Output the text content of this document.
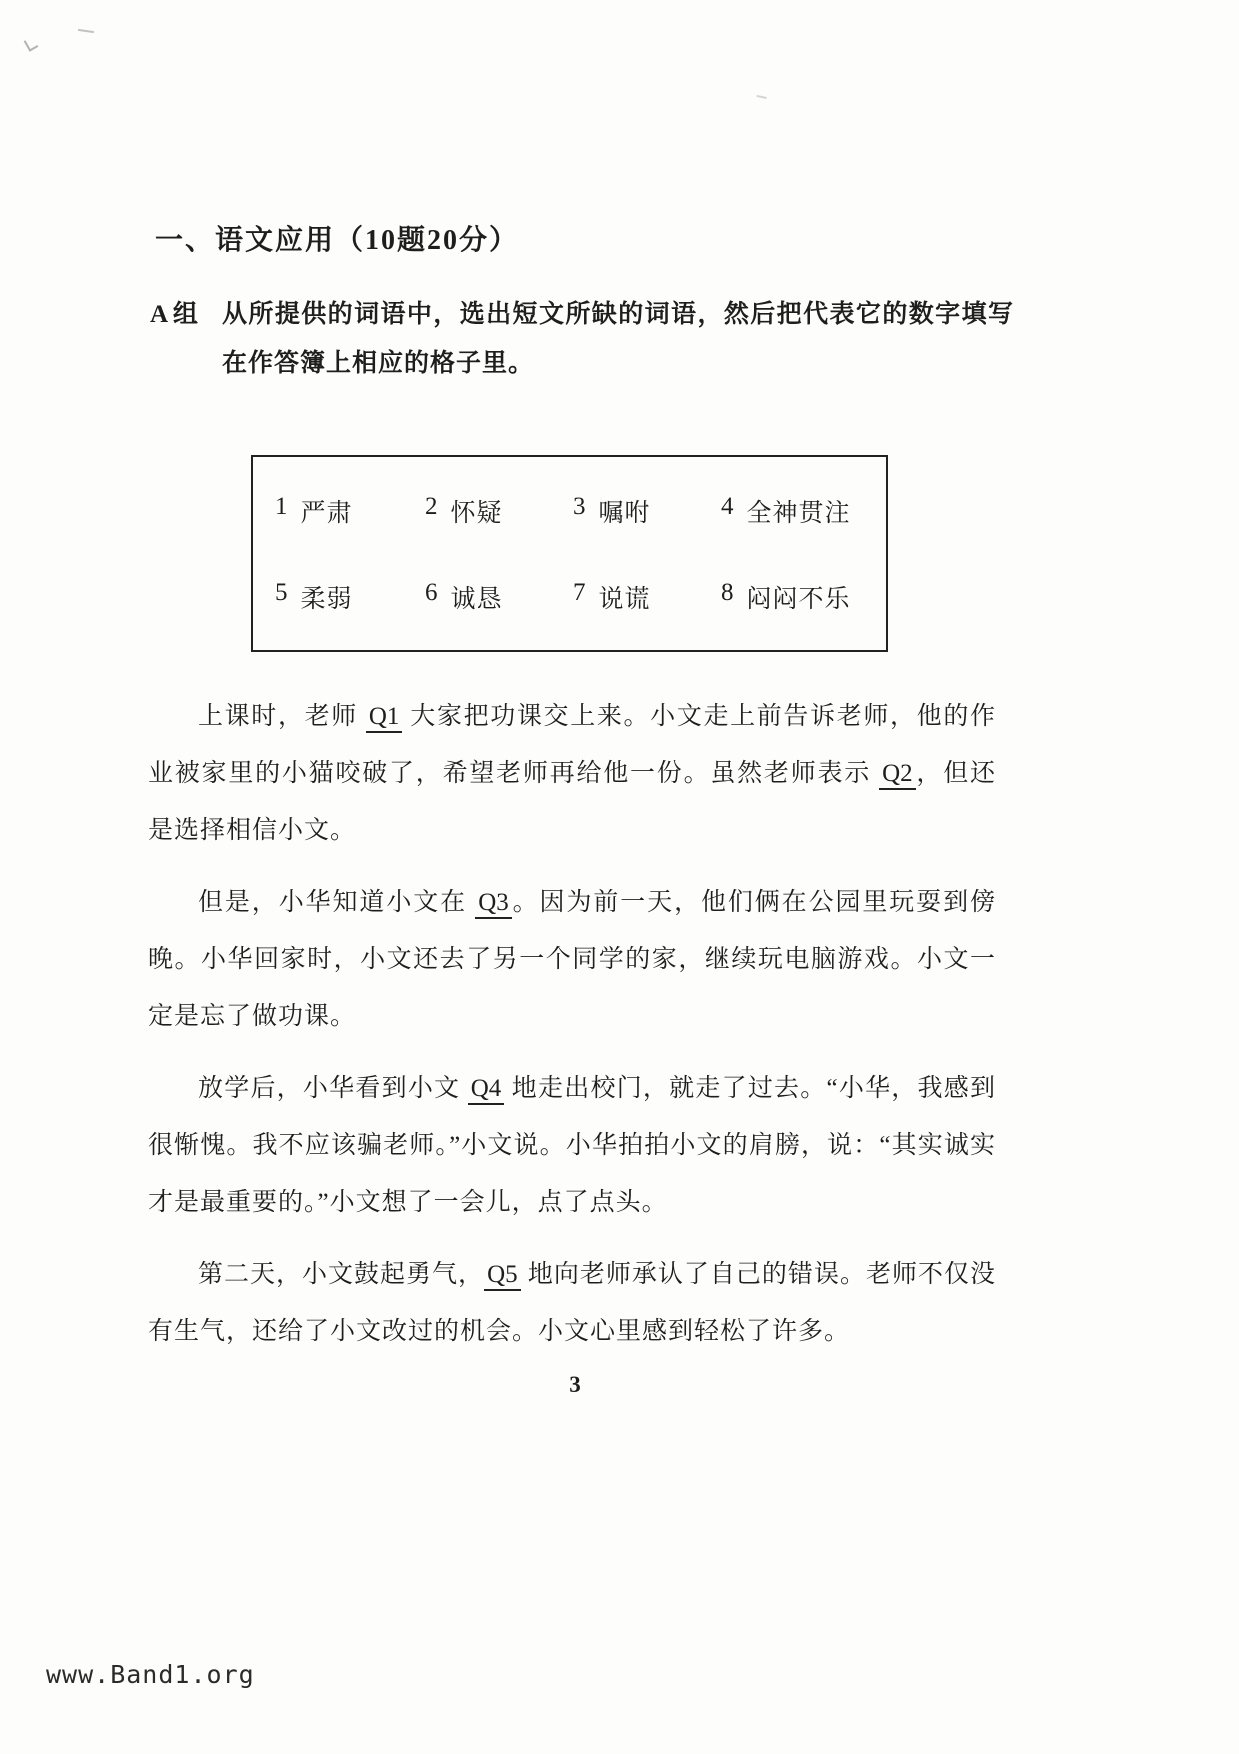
一、语文应用（10题20分）
A 组 从所提供的词语中，选出短文所缺的词语，然后把代表它的数字填写在作答簿上相应的格子里。

1 严肃	2 怀疑	3 嘱咐	4 全神贯注
5 柔弱	6 诚恳	7 说谎	8 闷闷不乐

上课时，老师 Q1 大家把功课交上来。小文走上前告诉老师，他的作业被家里的小猫咬破了，希望老师再给他一份。虽然老师表示 Q2 ，但还是选择相信小文。

但是，小华知道小文在 Q3 。因为前一天，他们俩在公园里玩耍到傍晚。小华回家时，小文还去了另一个同学的家，继续玩电脑游戏。小文一定是忘了做功课。

放学后，小华看到小文 Q4 地走出校门，就走了过去。“小华，我感到很惭愧。我不应该骗老师。”小文说。小华拍拍小文的肩膀，说：“其实诚实才是最重要的。”小文想了一会儿，点了点头。

第二天，小文鼓起勇气， Q5 地向老师承认了自己的错误。老师不仅没有生气，还给了小文改过的机会。小文心里感到轻松了许多。

3
www.Band1.org
